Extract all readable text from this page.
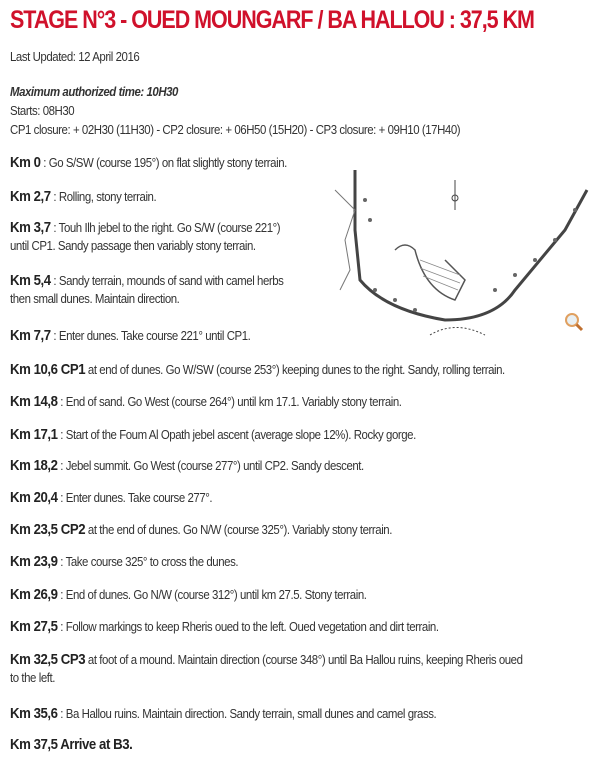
STAGE N°3 - OUED MOUNGARF / BA HALLOU : 37,5 KM
Last Updated: 12 April 2016
Maximum authorized time: 10H30
Starts: 08H30
CP1 closure: + 02H30 (11H30) - CP2 closure: + 06H50 (15H20) - CP3 closure: + 09H10 (17H40)
Km 0 : Go S/SW (course 195°) on flat slightly stony terrain.
Km 2,7 : Rolling, stony terrain.
Km 3,7 : Touh Ilh jebel to the right. Go S/W (course 221°)
until CP1. Sandy passage then variably stony terrain.
Km 5,4 : Sandy terrain, mounds of sand with camel herbs
then small dunes. Maintain direction.
Km 7,7 : Enter dunes. Take course 221° until CP1.
Km 10,6 CP1 at end of dunes. Go W/SW (course 253°) keeping dunes to the right. Sandy, rolling terrain.
Km 14,8 : End of sand. Go West (course 264°) until km 17.1. Variably stony terrain.
Km 17,1 : Start of the Foum Al Opath jebel ascent (average slope 12%). Rocky gorge.
Km 18,2 : Jebel summit. Go West (course 277°) until CP2. Sandy descent.
Km 20,4 : Enter dunes. Take course 277°.
Km 23,5 CP2 at the end of dunes. Go N/W (course 325°). Variably stony terrain.
Km 23,9 : Take course 325° to cross the dunes.
Km 26,9 : End of dunes. Go N/W (course 312°) until km 27.5. Stony terrain.
Km 27,5 : Follow markings to keep Rheris oued to the left. Oued vegetation and dirt terrain.
Km 32,5 CP3 at foot of a mound. Maintain direction (course 348°) until Ba Hallou ruins, keeping Rheris oued
to the left.
Km 35,6 : Ba Hallou ruins. Maintain direction. Sandy terrain, small dunes and camel grass.
Km 37,5 Arrive at B3.
